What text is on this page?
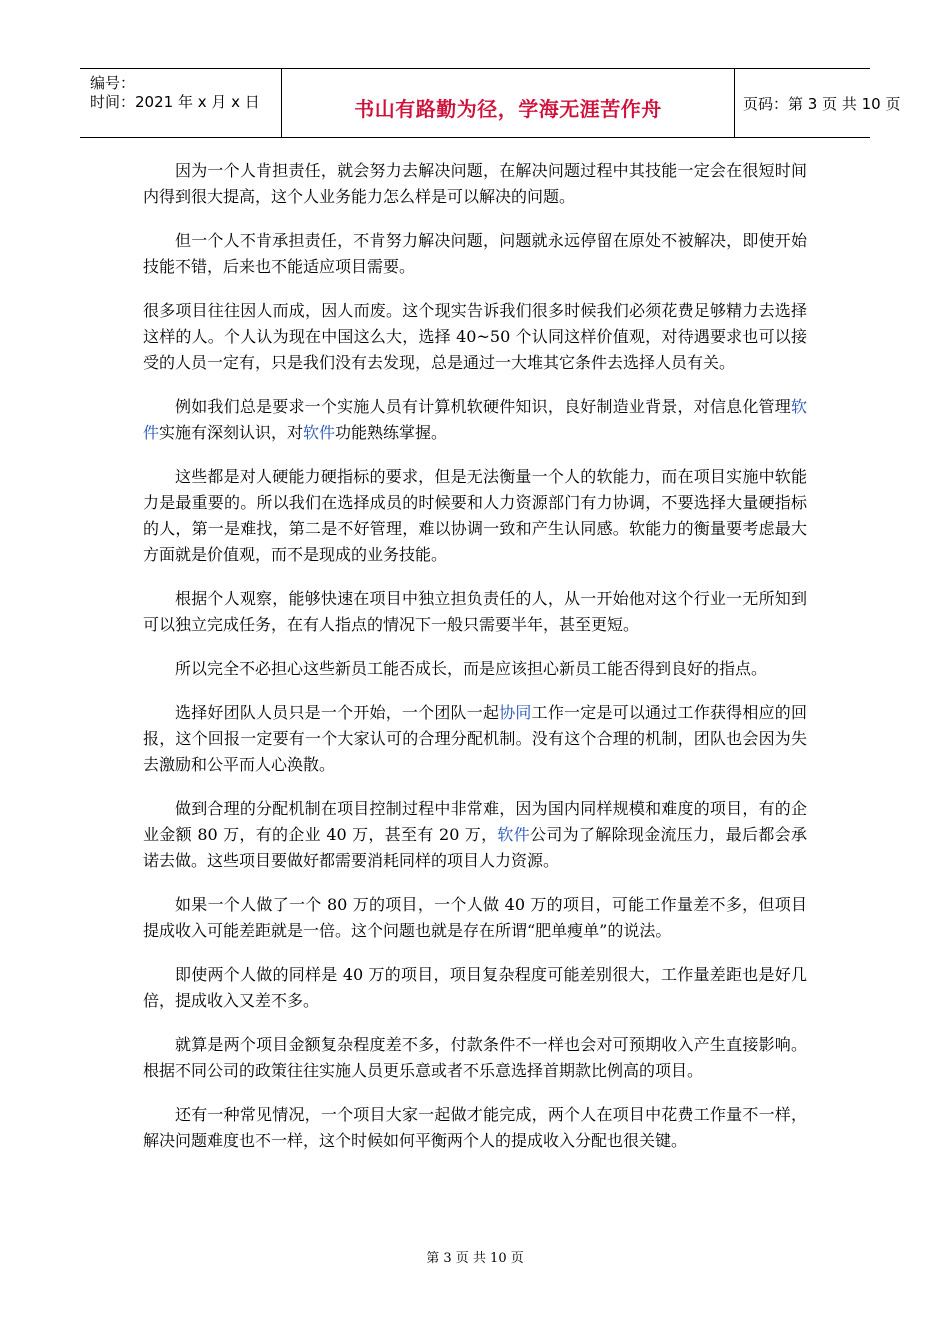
编号：
时间：2021 年 x 月 x 日	书山有路勤为径，学海无涯苦作舟	页码：第 3 页 共 10 页

因为一个人肯担责任，就会努力去解决问题，在解决问题过程中其技能一定会在很短时间内得到很大提高，这个人业务能力怎么样是可以解决的问题。

但一个人不肯承担责任，不肯努力解决问题，问题就永远停留在原处不被解决，即使开始技能不错，后来也不能适应项目需要。

很多项目往往因人而成，因人而废。这个现实告诉我们很多时候我们必须花费足够精力去选择这样的人。个人认为现在中国这么大，选择 40~50 个认同这样价值观，对待遇要求也可以接受的人员一定有，只是我们没有去发现，总是通过一大堆其它条件去选择人员有关。

例如我们总是要求一个实施人员有计算机软硬件知识，良好制造业背景，对信息化管理软件实施有深刻认识，对软件功能熟练掌握。

这些都是对人硬能力硬指标的要求，但是无法衡量一个人的软能力，而在项目实施中软能力是最重要的。所以我们在选择成员的时候要和人力资源部门有力协调，不要选择大量硬指标的人，第一是难找，第二是不好管理，难以协调一致和产生认同感。软能力的衡量要考虑最大方面就是价值观，而不是现成的业务技能。

根据个人观察，能够快速在项目中独立担负责任的人，从一开始他对这个行业一无所知到可以独立完成任务，在有人指点的情况下一般只需要半年，甚至更短。

所以完全不必担心这些新员工能否成长，而是应该担心新员工能否得到良好的指点。

选择好团队人员只是一个开始，一个团队一起协同工作一定是可以通过工作获得相应的回报，这个回报一定要有一个大家认可的合理分配机制。没有这个合理的机制，团队也会因为失去激励和公平而人心涣散。

做到合理的分配机制在项目控制过程中非常难，因为国内同样规模和难度的项目，有的企业金额 80 万，有的企业 40 万，甚至有 20 万，软件公司为了解除现金流压力，最后都会承诺去做。这些项目要做好都需要消耗同样的项目人力资源。

如果一个人做了一个 80 万的项目，一个人做 40 万的项目，可能工作量差不多，但项目提成收入可能差距就是一倍。这个问题也就是存在所谓“肥单瘦单”的说法。

即使两个人做的同样是 40 万的项目，项目复杂程度可能差别很大，工作量差距也是好几倍，提成收入又差不多。

就算是两个项目金额复杂程度差不多，付款条件不一样也会对可预期收入产生直接影响。根据不同公司的政策往往实施人员更乐意或者不乐意选择首期款比例高的项目。

还有一种常见情况，一个项目大家一起做才能完成，两个人在项目中花费工作量不一样，解决问题难度也不一样，这个时候如何平衡两个人的提成收入分配也很关键。

第 3 页 共 10 页
